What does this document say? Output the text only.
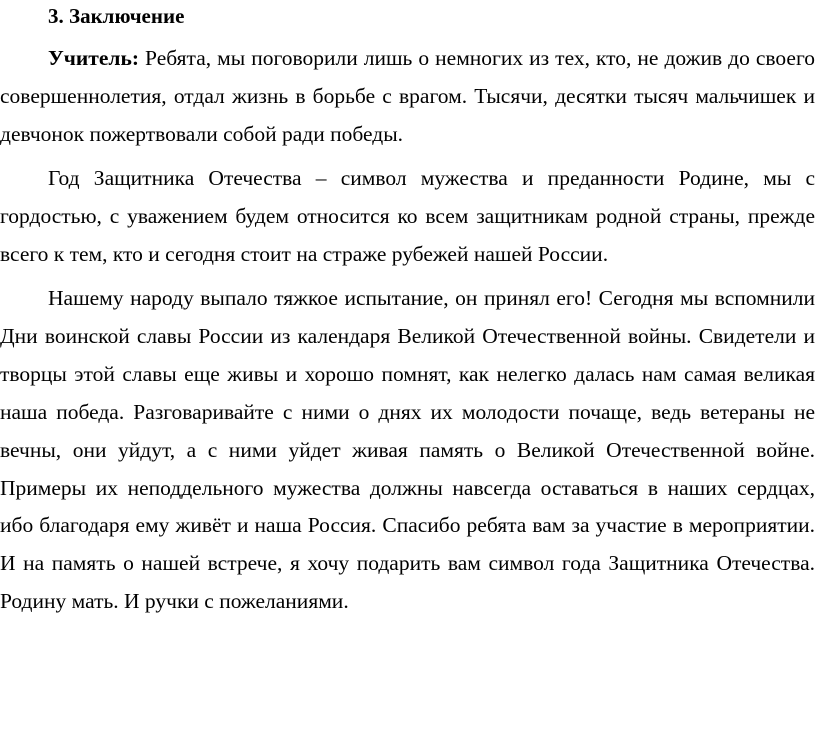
3. Заключение

Учитель: Ребята, мы поговорили лишь о немногих из тех, кто, не дожив до своего совершеннолетия, отдал жизнь в борьбе с врагом. Тысячи, десятки тысяч мальчишек и девчонок пожертвовали собой ради победы.

Год Защитника Отечества – символ мужества и преданности Родине, мы с гордостью, с уважением будем относится ко всем защитникам родной страны, прежде всего к тем, кто и сегодня стоит на страже рубежей нашей России.

Нашему народу выпало тяжкое испытание, он принял его! Сегодня мы вспомнили Дни воинской славы России из календаря Великой Отечественной войны. Свидетели и творцы этой славы еще живы и хорошо помнят, как нелегко далась нам самая великая наша победа. Разговаривайте с ними о днях их молодости почаще, ведь ветераны не вечны, они уйдут, а с ними уйдет живая память о Великой Отечественной войне. Примеры их неподдельного мужества должны навсегда оставаться в наших сердцах, ибо благодаря ему живёт и наша Россия. Спасибо ребята вам за участие в мероприятии. И на память о нашей встрече, я хочу подарить вам символ года Защитника Отечества. Родину мать. И ручки с пожеланиями.
